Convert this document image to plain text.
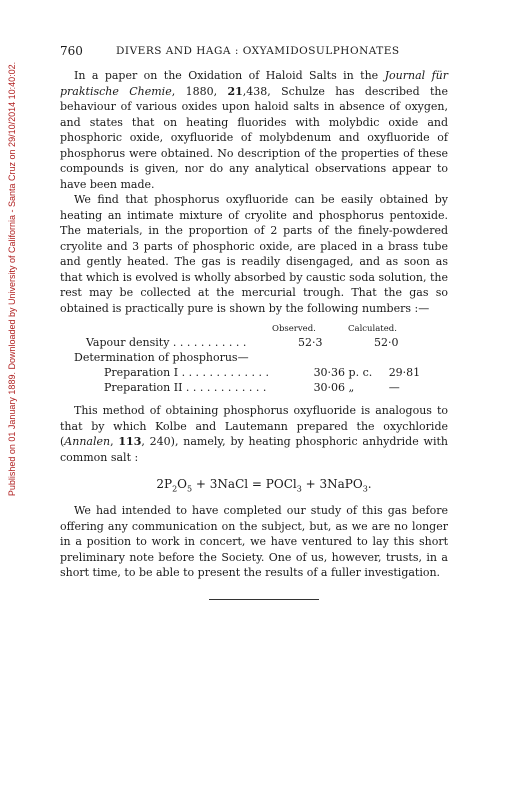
Published on 01 January 1889. Downloaded by University of California - Santa Cruz on 29/10/2014 10:40:02.
760	DIVERS AND HAGA : OXYAMIDOSULPHONATES

In a paper on the Oxidation of Haloid Salts in the Journal für praktische Chemie, 1880, 21,438, Schulze has described the behaviour of various oxides upon haloid salts in absence of oxygen, and states that on heating fluorides with molybdic oxide and phosphoric oxide, oxyfluoride of molybdenum and oxyfluoride of phosphorus were obtained. No description of the properties of these compounds is given, nor do any analytical observations appear to have been made.

We find that phosphorus oxyfluoride can be easily obtained by heating an intimate mixture of cryolite and phosphorus pentoxide. The materials, in the proportion of 2 parts of the finely-powdered cryolite and 3 parts of phosphoric oxide, are placed in a brass tube and gently heated. The gas is readily disengaged, and as soon as that which is evolved is wholly absorbed by caustic soda solution, the rest may be collected at the mercurial trough. That the gas so obtained is practically pure is shown by the following numbers :—

Observed.	Calculated.
Vapour density . . . . . . . . . . .	52·3	52·0
Determination of phosphorus—
Preparation I . . . . . . . . . . . . .	30·36 p. c.	29·81
Preparation II . . . . . . . . . . . .	30·06 „	—

This method of obtaining phosphorus oxyfluoride is analogous to that by which Kolbe and Lautemann prepared the oxychloride (Annalen, 113, 240), namely, by heating phosphoric anhydride with common salt :

$2P_2O_5$ + 3NaCl = POCl$_3$ + 3NaPO$_3$.

We had intended to have completed our study of this gas before offering any communication on the subject, but, as we are no longer in a position to work in concert, we have ventured to lay this short preliminary note before the Society. One of us, however, trusts, in a short time, to be able to present the results of a fuller investigation.
